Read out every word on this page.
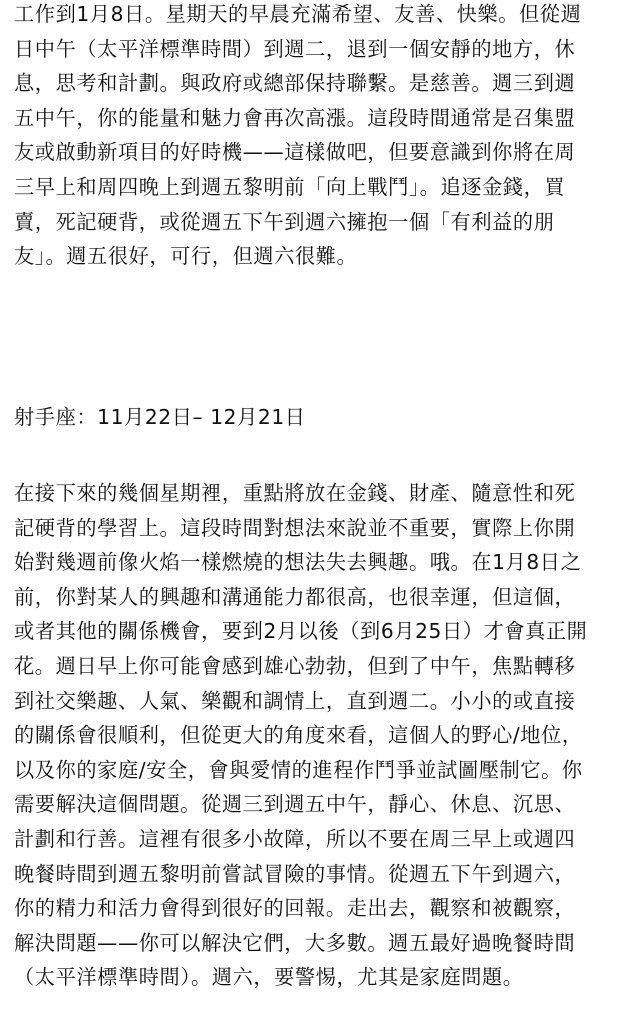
工作到1月8日。星期天的早晨充滿希望、友善、快樂。但從週
日中午（太平洋標準時間）到週二，退到一個安靜的地方，休
息，思考和計劃。與政府或總部保持聯繫。是慈善。週三到週
五中午，你的能量和魅力會再次高漲。這段時間通常是召集盟
友或啟動新項目的好時機——這樣做吧，但要意識到你將在周
三早上和周四晚上到週五黎明前「向上戰鬥」。追逐金錢，買
賣，死記硬背，或從週五下午到週六擁抱一個「有利益的朋
友」。週五很好，可行，但週六很難。
射手座：11月22日– 12月21日
在接下來的幾個星期裡，重點將放在金錢、財產、隨意性和死
記硬背的學習上。這段時間對想法來說並不重要，實際上你開
始對幾週前像火焰一樣燃燒的想法失去興趣。哦。在1月8日之
前，你對某人的興趣和溝通能力都很高，也很幸運，但這個，
或者其他的關係機會，要到2月以後（到6月25日）才會真正開
花。週日早上你可能會感到雄心勃勃，但到了中午，焦點轉移
到社交樂趣、人氣、樂觀和調情上，直到週二。小小的或直接
的關係會很順利，但從更大的角度來看，這個人的野心/地位，
以及你的家庭/安全，會與愛情的進程作鬥爭並試圖壓制它。你
需要解決這個問題。從週三到週五中午，靜心、休息、沉思、
計劃和行善。這裡有很多小故障，所以不要在周三早上或週四
晚餐時間到週五黎明前嘗試冒險的事情。從週五下午到週六，
你的精力和活力會得到很好的回報。走出去，觀察和被觀察，
解決問題——你可以解決它們，大多數。週五最好過晚餐時間
（太平洋標準時間）。週六，要警惕，尤其是家庭問題。
